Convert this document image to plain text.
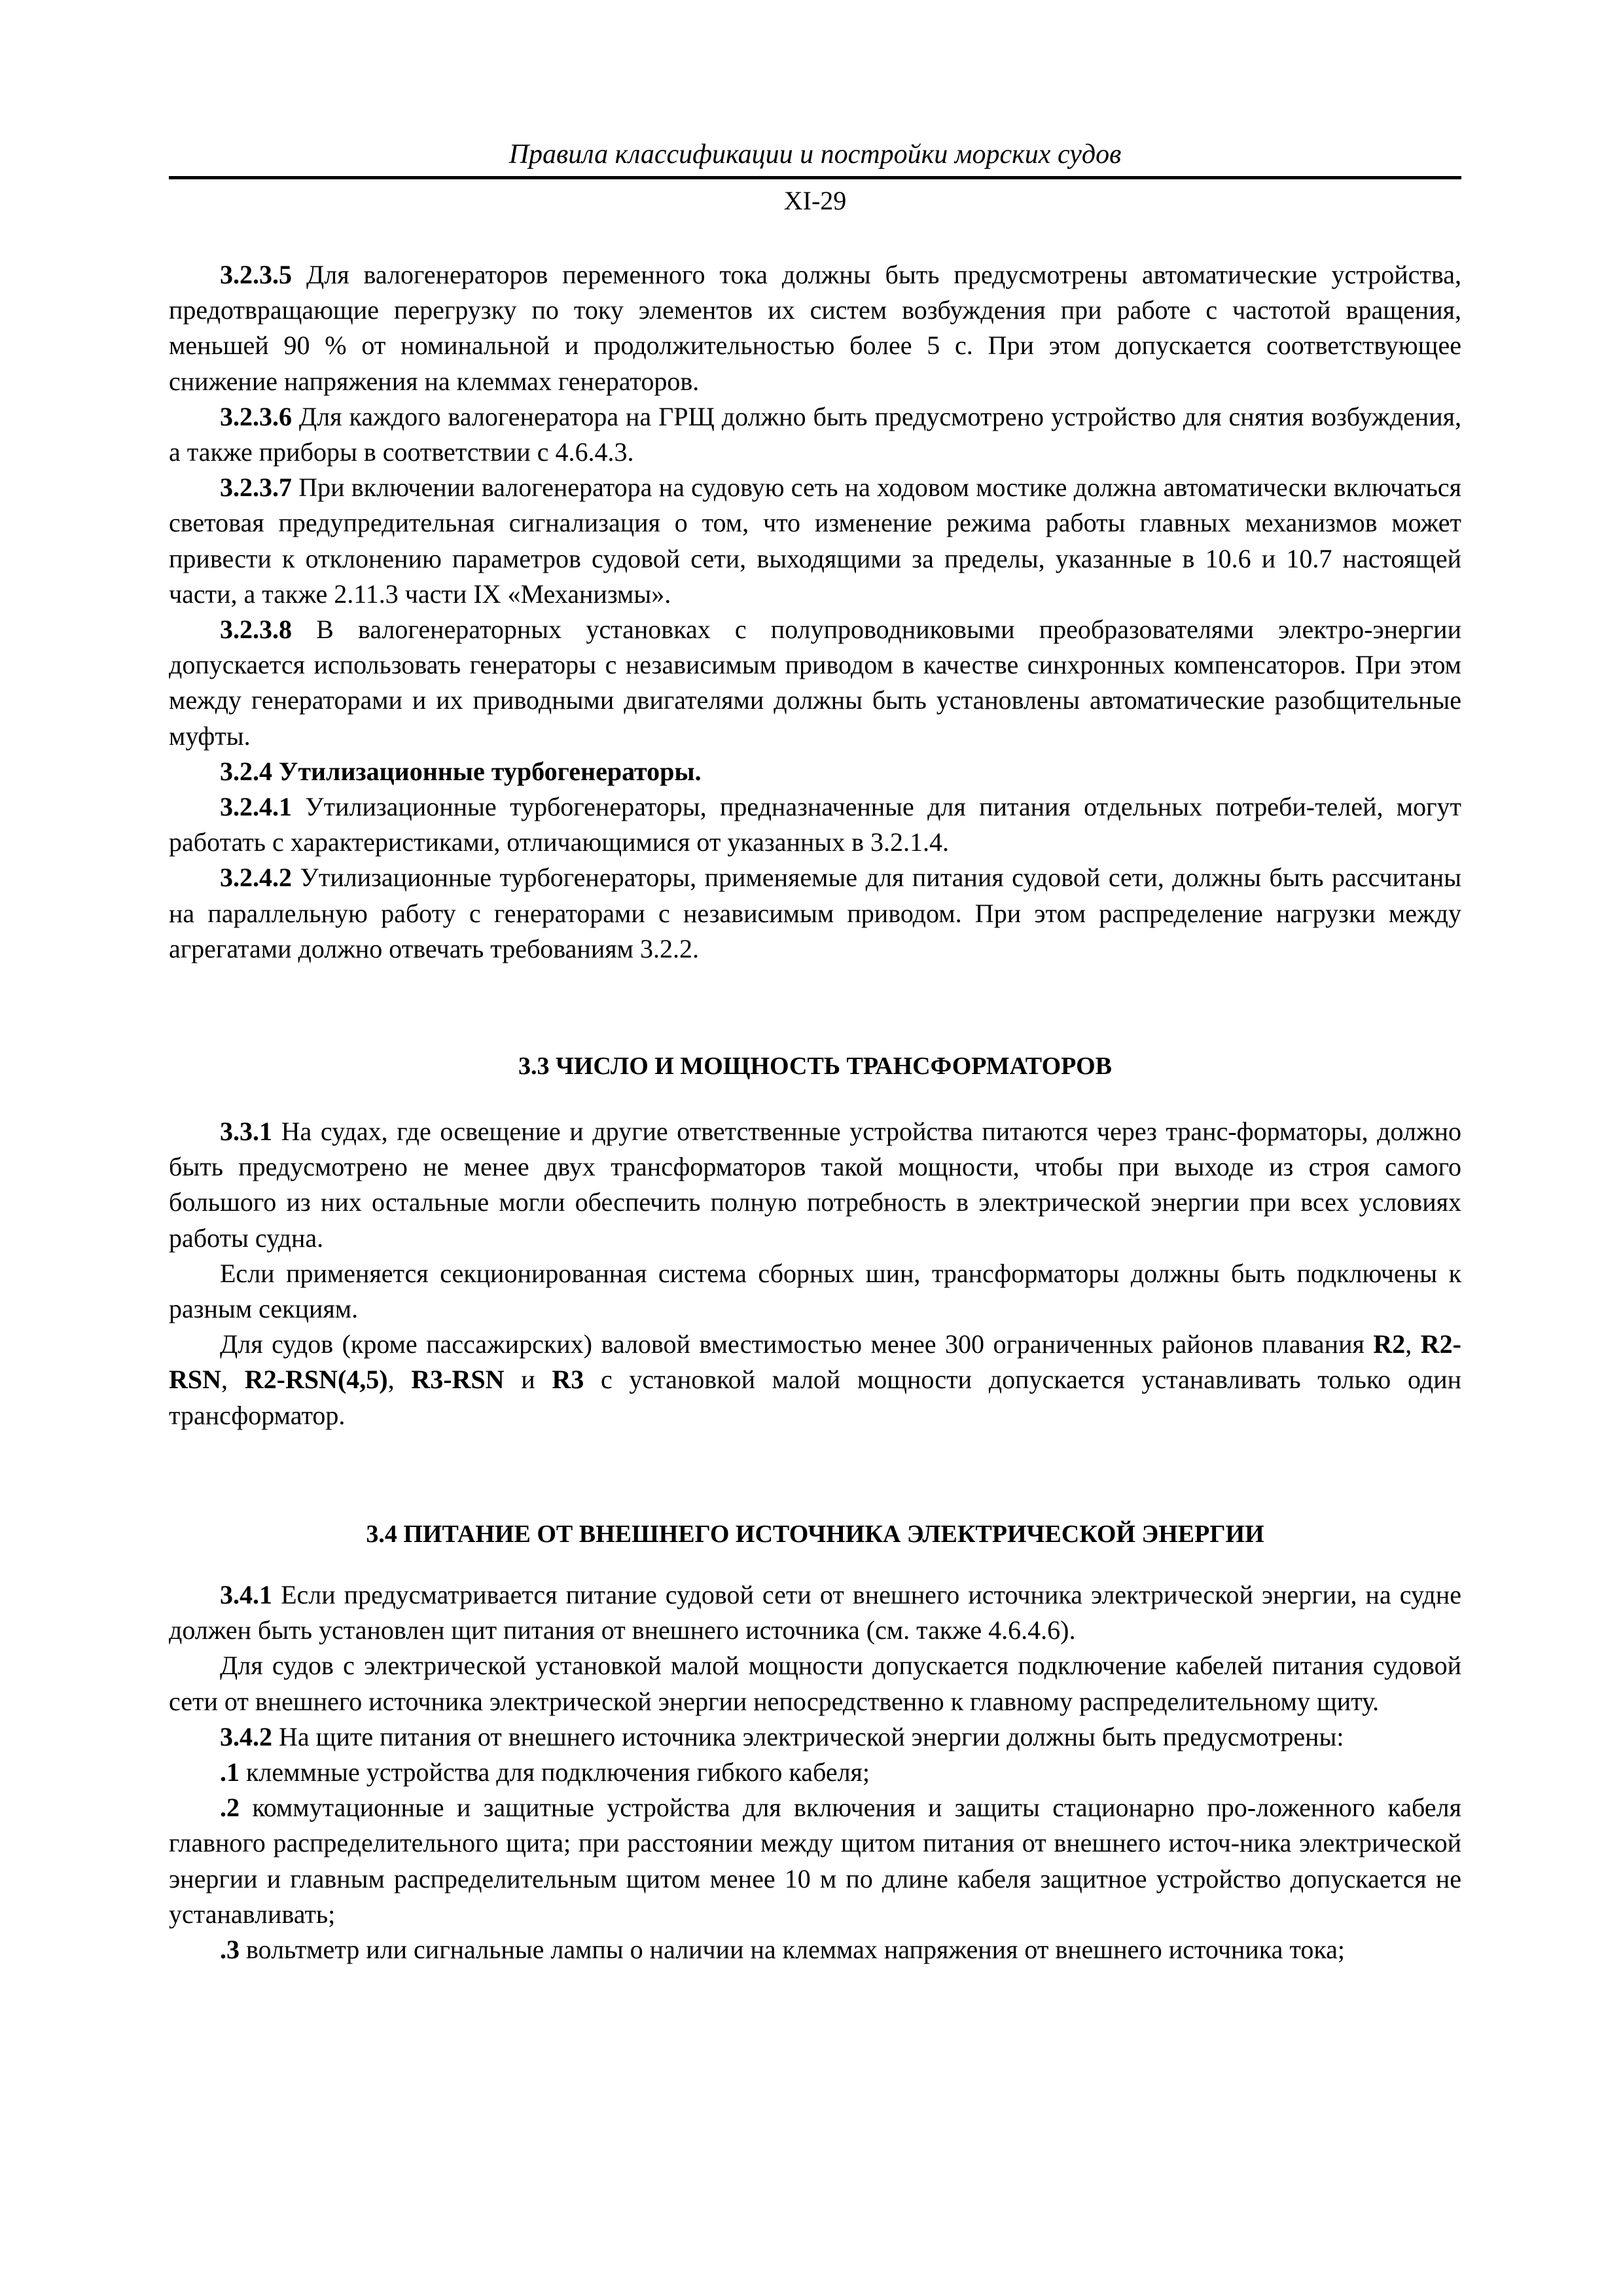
Правила классификации и постройки морских судов
XI-29

3.2.3.5 Для валогенераторов переменного тока должны быть предусмотрены автоматические устройства, предотвращающие перегрузку по току элементов их систем возбуждения при работе с частотой вращения, меньшей 90 % от номинальной и продолжительностью более 5 с. При этом допускается соответствующее снижение напряжения на клеммах генераторов.

3.2.3.6 Для каждого валогенератора на ГРЩ должно быть предусмотрено устройство для снятия возбуждения, а также приборы в соответствии с 4.6.4.3.

3.2.3.7 При включении валогенератора на судовую сеть на ходовом мостике должна автоматически включаться световая предупредительная сигнализация о том, что изменение режима работы главных механизмов может привести к отклонению параметров судовой сети, выходящими за пределы, указанные в 10.6 и 10.7 настоящей части, а также 2.11.3 части IX «Механизмы».

3.2.3.8 В валогенераторных установках с полупроводниковыми преобразователями электро-энергии допускается использовать генераторы с независимым приводом в качестве синхронных компенсаторов. При этом между генераторами и их приводными двигателями должны быть установлены автоматические разобщительные муфты.

3.2.4 Утилизационные турбогенераторы.

3.2.4.1 Утилизационные турбогенераторы, предназначенные для питания отдельных потреби-телей, могут работать с характеристиками, отличающимися от указанных в 3.2.1.4.

3.2.4.2 Утилизационные турбогенераторы, применяемые для питания судовой сети, должны быть рассчитаны на параллельную работу с генераторами с независимым приводом. При этом распределение нагрузки между агрегатами должно отвечать требованиям 3.2.2.

3.3 ЧИСЛО И МОЩНОСТЬ ТРАНСФОРМАТОРОВ

3.3.1 На судах, где освещение и другие ответственные устройства питаются через транс-форматоры, должно быть предусмотрено не менее двух трансформаторов такой мощности, чтобы при выходе из строя самого большого из них остальные могли обеспечить полную потребность в электрической энергии при всех условиях работы судна.

Если применяется секционированная система сборных шин, трансформаторы должны быть подключены к разным секциям.

Для судов (кроме пассажирских) валовой вместимостью менее 300 ограниченных районов плавания R2, R2-RSN, R2-RSN(4,5), R3-RSN и R3 с установкой малой мощности допускается устанавливать только один трансформатор.

3.4 ПИТАНИЕ ОТ ВНЕШНЕГО ИСТОЧНИКА ЭЛЕКТРИЧЕСКОЙ ЭНЕРГИИ

3.4.1 Если предусматривается питание судовой сети от внешнего источника электрической энергии, на судне должен быть установлен щит питания от внешнего источника (см. также 4.6.4.6).

Для судов с электрической установкой малой мощности допускается подключение кабелей питания судовой сети от внешнего источника электрической энергии непосредственно к главному распределительному щиту.

3.4.2 На щите питания от внешнего источника электрической энергии должны быть предусмотрены:

.1 клеммные устройства для подключения гибкого кабеля;

.2 коммутационные и защитные устройства для включения и защиты стационарно про-ложенного кабеля главного распределительного щита; при расстоянии между щитом питания от внешнего источ-ника электрической энергии и главным распределительным щитом менее 10 м по длине кабеля защитное устройство допускается не устанавливать;

.3 вольтметр или сигнальные лампы о наличии на клеммах напряжения от внешнего источника тока;
